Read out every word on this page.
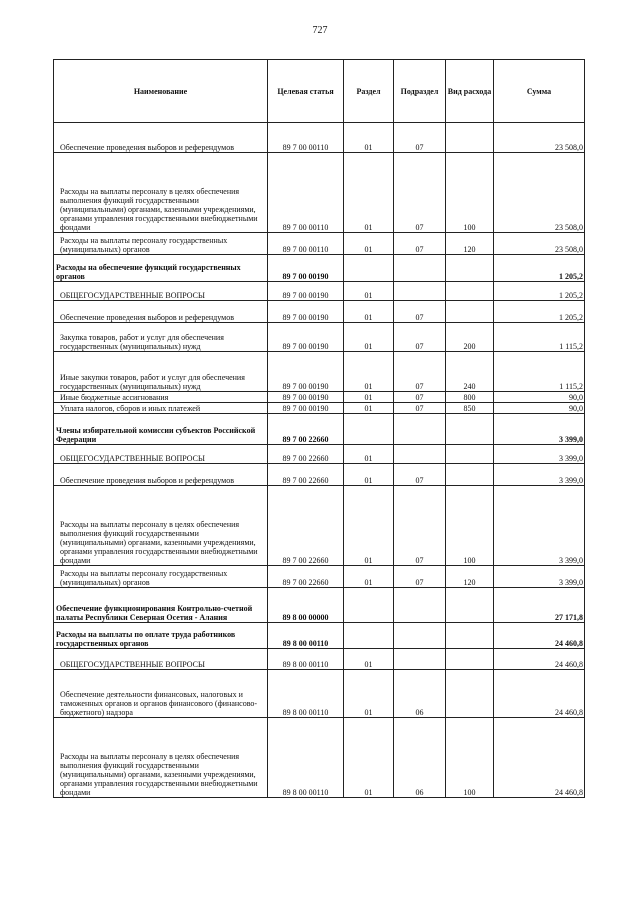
727
Наименование	Целевая статья	Раздел	Подраздел	Вид расхода	Сумма
Обеспечение проведения выборов и референдумов	89 7 00 00110	01	07		23 508,0
Расходы на выплаты персоналу в целях обеспечения выполнения функций государственными (муниципальными) органами, казенными учреждениями, органами управления государственными внебюджетными фондами	89 7 00 00110	01	07	100	23 508,0
Расходы на выплаты персоналу государственных (муниципальных) органов	89 7 00 00110	01	07	120	23 508,0
Расходы на обеспечение функций государственных органов	89 7 00 00190				1 205,2
ОБЩЕГОСУДАРСТВЕННЫЕ ВОПРОСЫ	89 7 00 00190	01			1 205,2
Обеспечение проведения выборов и референдумов	89 7 00 00190	01	07		1 205,2
Закупка товаров, работ и услуг для обеспечения государственных (муниципальных) нужд	89 7 00 00190	01	07	200	1 115,2
Иные закупки товаров, работ и услуг для обеспечения государственных (муниципальных) нужд	89 7 00 00190	01	07	240	1 115,2
Иные бюджетные ассигнования	89 7 00 00190	01	07	800	90,0
Уплата налогов, сборов и иных платежей	89 7 00 00190	01	07	850	90,0
Члены избирательной комиссии субъектов Российской Федерации	89 7 00 22660				3 399,0
ОБЩЕГОСУДАРСТВЕННЫЕ ВОПРОСЫ	89 7 00 22660	01			3 399,0
Обеспечение проведения выборов и референдумов	89 7 00 22660	01	07		3 399,0
Расходы на выплаты персоналу в целях обеспечения выполнения функций государственными (муниципальными) органами, казенными учреждениями, органами управления государственными внебюджетными фондами	89 7 00 22660	01	07	100	3 399,0
Расходы на выплаты персоналу государственных (муниципальных) органов	89 7 00 22660	01	07	120	3 399,0
Обеспечение функционирования Контрольно-счетной палаты Республики Северная Осетия - Алания	89 8 00 00000				27 171,8
Расходы на выплаты по оплате труда работников государственных органов	89 8 00 00110				24 460,8
ОБЩЕГОСУДАРСТВЕННЫЕ ВОПРОСЫ	89 8 00 00110	01			24 460,8
Обеспечение деятельности финансовых, налоговых и таможенных органов и органов финансового (финансово-бюджетного) надзора	89 8 00 00110	01	06		24 460,8
Расходы на выплаты персоналу в целях обеспечения выполнения функций государственными (муниципальными) органами, казенными учреждениями, органами управления государственными внебюджетными фондами	89 8 00 00110	01	06	100	24 460,8
